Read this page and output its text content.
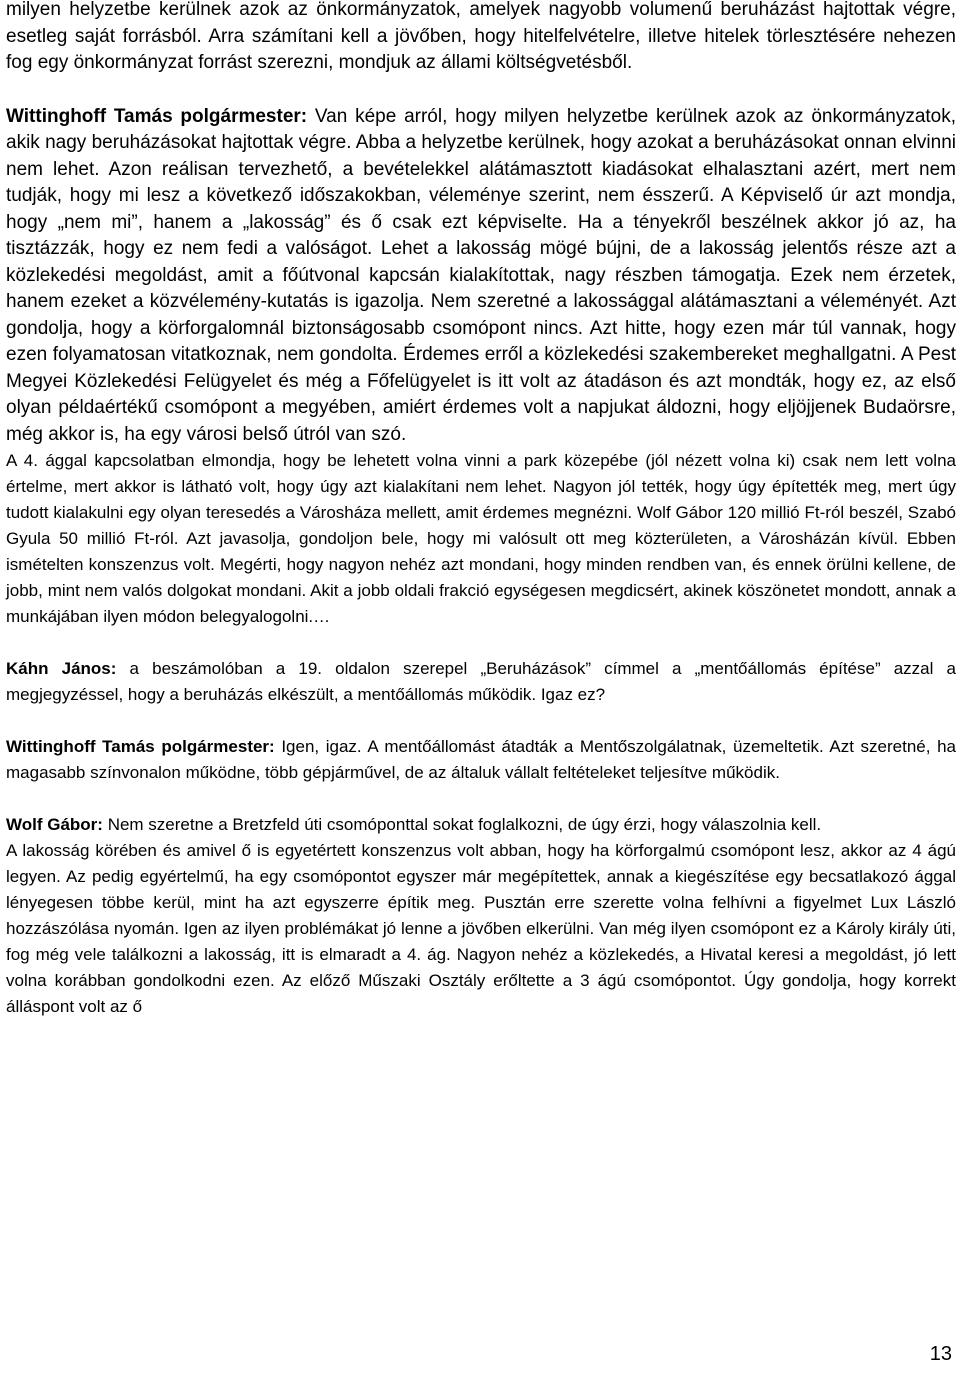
milyen helyzetbe kerülnek azok az önkormányzatok, amelyek nagyobb volumenű beruházást hajtottak végre, esetleg saját forrásból. Arra számítani kell a jövőben, hogy hitelfelvételre, illetve hitelek törlesztésére nehezen fog egy önkormányzat forrást szerezni, mondjuk az állami költségvetésből.

Wittinghoff Tamás polgármester: Van képe arról, hogy milyen helyzetbe kerülnek azok az önkormányzatok, akik nagy beruházásokat hajtottak végre. Abba a helyzetbe kerülnek, hogy azokat a beruházásokat onnan elvinni nem lehet. Azon reálisan tervezhető, a bevételekkel alátámasztott kiadásokat elhalasztani azért, mert nem tudják, hogy mi lesz a következő időszakokban, véleménye szerint, nem ésszerű. A Képviselő úr azt mondja, hogy „nem mi”, hanem a „lakosság” és ő csak ezt képviselte. Ha a tényekről beszélnek akkor jó az, ha tisztázzák, hogy ez nem fedi a valóságot. Lehet a lakosság mögé bújni, de a lakosság jelentős része azt a közlekedési megoldást, amit a főútvonal kapcsán kialakítottak, nagy részben támogatja. Ezek nem érzetek, hanem ezeket a közvélemény-kutatás is igazolja. Nem szeretné a lakossággal alátámasztani a véleményét. Azt gondolja, hogy a körforgalomnál biztonságosabb csomópont nincs. Azt hitte, hogy ezen már túl vannak, hogy ezen folyamatosan vitatkoznak, nem gondolta. Érdemes erről a közlekedési szakembereket meghallgatni. A Pest Megyei Közlekedési Felügyelet és még a Főfelügyelet is itt volt az átadáson és azt mondták, hogy ez, az első olyan példaértékű csomópont a megyében, amiért érdemes volt a napjukat áldozni, hogy eljöjjenek Budaörsre, még akkor is, ha egy városi belső útról van szó.

A 4. ággal kapcsolatban elmondja, hogy be lehetett volna vinni a park közepébe (jól nézett volna ki) csak nem lett volna értelme, mert akkor is látható volt, hogy úgy azt kialakítani nem lehet. Nagyon jól tették, hogy úgy építették meg, mert úgy tudott kialakulni egy olyan teresedés a Városháza mellett, amit érdemes megnézni. Wolf Gábor 120 millió Ft-ról beszél, Szabó Gyula 50 millió Ft-ról. Azt javasolja, gondoljon bele, hogy mi valósult ott meg közterületen, a Városházán kívül. Ebben ismételten konszenzus volt. Megérti, hogy nagyon nehéz azt mondani, hogy minden rendben van, és ennek örülni kellene, de jobb, mint nem valós dolgokat mondani. Akit a jobb oldali frakció egységesen megdicsért, akinek köszönetet mondott, annak a munkájában ilyen módon belegyalogolni.…

Káhn János: a beszámolóban a 19. oldalon szerepel „Beruházások” címmel a „mentőállomás építése” azzal a megjegyzéssel, hogy a beruházás elkészült, a mentőállomás működik. Igaz ez?

Wittinghoff Tamás polgármester: Igen, igaz. A mentőállomást átadták a Mentőszolgálatnak, üzemeltetik. Azt szeretné, ha magasabb színvonalon működne, több gépjárművel, de az általuk vállalt feltételeket teljesítve működik.

Wolf Gábor: Nem szeretne a Bretzfeld úti csomóponttal sokat foglalkozni, de úgy érzi, hogy válaszolnia kell.

A lakosság körében és amivel ő is egyetértett konszenzus volt abban, hogy ha körforgalmú csomópont lesz, akkor az 4 ágú legyen. Az pedig egyértelmű, ha egy csomópontot egyszer már megépítettek, annak a kiegészítése egy becsatlakozó ággal lényegesen többe kerül, mint ha azt egyszerre építik meg. Pusztán erre szerette volna felhívni a figyelmet Lux László hozzászólása nyomán. Igen az ilyen problémákat jó lenne a jövőben elkerülni. Van még ilyen csomópont ez a Károly király úti, fog még vele találkozni a lakosság, itt is elmaradt a 4. ág. Nagyon nehéz a közlekedés, a Hivatal keresi a megoldást, jó lett volna korábban gondolkodni ezen. Az előző Műszaki Osztály erőltette a 3 ágú csomópontot. Úgy gondolja, hogy korrekt álláspont volt az ő

13
